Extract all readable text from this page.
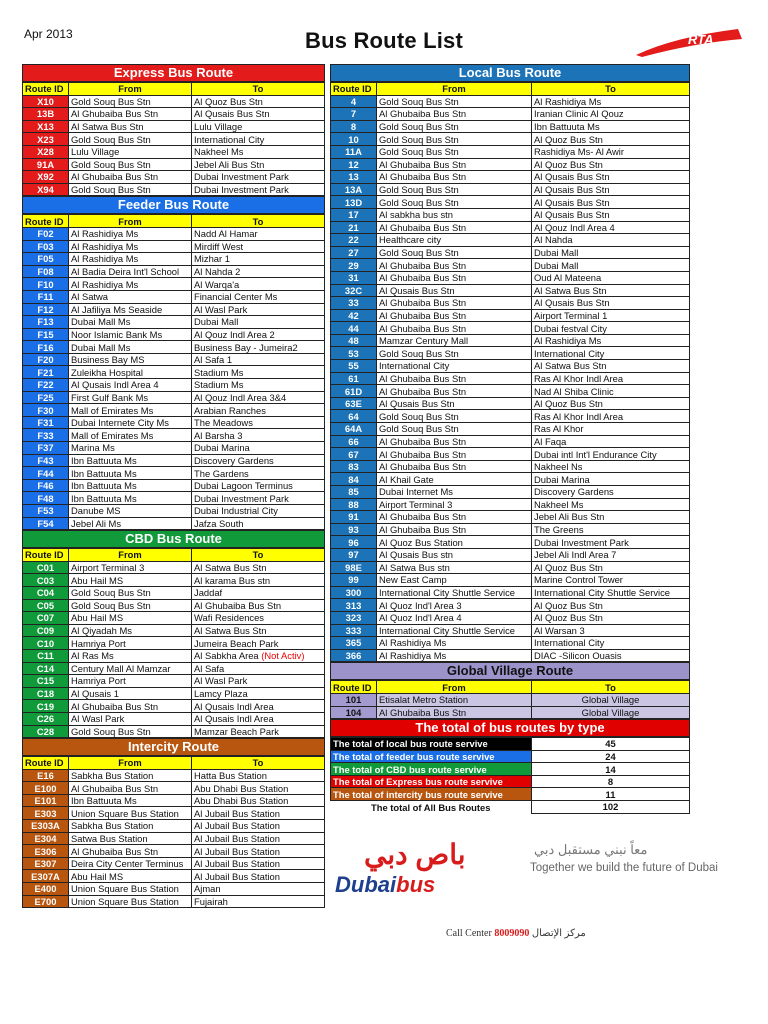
Apr 2013	Bus Route List	RTA
Express Bus Route
Route ID	From	To
X10	Gold Souq Bus Stn	Al Quoz Bus Stn
13B	Al Ghubaiba Bus Stn	Al Qusais Bus Stn
X13	Al Satwa Bus Stn	Lulu Village
X23	Gold Souq Bus Stn	International City
X28	Lulu Village	Nakheel Ms
91A	Gold Souq Bus Stn	Jebel Ali Bus Stn
X92	Al Ghubaiba Bus Stn	Dubai Investment Park
X94	Gold Souq Bus Stn	Dubai Investment Park
Feeder Bus Route
Route ID	From	To
F02	Al Rashidiya Ms	Nadd Al Hamar
F03	Al Rashidiya Ms	Mirdiff West
F05	Al Rashidiya Ms	Mizhar 1
F08	Al Badia Deira Int'l School	Al Nahda 2
F10	Al Rashidiya Ms	Al Warqa'a
F11	Al Satwa	Financial Center Ms
F12	Al Jafiliya Ms Seaside	Al Wasl Park
F13	Dubai Mall Ms	Dubai Mall
F15	Noor Islamic Bank Ms	Al Qouz Indl Area 2
F16	Dubai Mall Ms	Business Bay - Jumeira2
F20	Business Bay MS	Al Safa 1
F21	Zuleikha Hospital	Stadium Ms
F22	Al Qusais Indl Area 4	Stadium Ms
F25	First Gulf Bank Ms	Al Qouz Indl Area 3&4
F30	Mall of Emirates Ms	Arabian Ranches
F31	Dubai Internete City Ms	The Meadows
F33	Mall of Emirates Ms	Al Barsha 3
F37	Marina Ms	Dubai Marina
F43	Ibn Battuuta Ms	Discovery Gardens
F44	Ibn Battuuta Ms	The Gardens
F46	Ibn Battuuta Ms	Dubai Lagoon Terminus
F48	Ibn Battuuta Ms	Dubai Investment Park
F53	Danube MS	Dubai Industrial City
F54	Jebel Ali Ms	Jafza South
CBD Bus Route
Route ID	From	To
C01	Airport Terminal 3	Al Satwa Bus Stn
C03	Abu Hail MS	Al karama Bus stn
C04	Gold Souq Bus Stn	Jaddaf
C05	Gold Souq Bus Stn	Al Ghubaiba Bus Stn
C07	Abu Hail MS	Wafi Residences
C09	Al Qiyadah Ms	Al Satwa Bus Stn
C10	Hamriya Port	Jumeira Beach Park
C11	Al Ras Ms	Al Sabkha Area (Not Activ)
C14	Century Mall Al Mamzar	Al Safa
C15	Hamriya Port	Al Wasl Park
C18	Al Qusais 1	Lamcy Plaza
C19	Al Ghubaiba Bus Stn	Al Qusais Indl Area
C26	Al Wasl Park	Al Qusais Indl Area
C28	Gold Souq Bus Stn	Mamzar Beach Park
Intercity Route
Route ID	From	To
E16	Sabkha Bus Station	Hatta Bus Station
E100	Al Ghubaiba Bus Stn	Abu Dhabi Bus Station
E101	Ibn Battuuta Ms	Abu Dhabi Bus Station
E303	Union Square Bus Station	Al Jubail Bus Station
E303A	Sabkha Bus Station	Al Jubail Bus Station
E304	Satwa Bus Station	Al Jubail Bus Station
E306	Al Ghubaiba Bus Stn	Al Jubail Bus Station
E307	Deira City Center Terminus	Al Jubail Bus Station
E307A	Abu Hail MS	Al Jubail Bus Station
E400	Union Square Bus Station	Ajman
E700	Union Square Bus Station	Fujairah
Local Bus Route
Route ID	From	To
4	Gold Souq Bus Stn	Al Rashidiya Ms
7	Al Ghubaiba Bus Stn	Iranian Clinic Al Qouz
8	Gold Souq Bus Stn	Ibn Battuuta Ms
10	Gold Souq Bus Stn	Al Quoz Bus Stn
11A	Gold Souq Bus Stn	Rashidiya Ms- Al Awir
12	Al Ghubaiba Bus Stn	Al Quoz Bus Stn
13	Al Ghubaiba Bus Stn	Al Qusais Bus Stn
13A	Gold Souq Bus Stn	Al Qusais Bus Stn
13D	Gold Souq Bus Stn	Al Qusais Bus Stn
17	Al sabkha bus stn	Al Qusais Bus Stn
21	Al Ghubaiba Bus Stn	Al Qouz Indl Area 4
22	Healthcare city	Al Nahda
27	Gold Souq Bus Stn	Dubai Mall
29	Al Ghubaiba Bus Stn	Dubai Mall
31	Al Ghubaiba Bus Stn	Oud Al Mateena
32C	Al Qusais Bus Stn	Al Satwa Bus Stn
33	Al Ghubaiba Bus Stn	Al Qusais Bus Stn
42	Al Ghubaiba Bus Stn	Airport Terminal 1
44	Al Ghubaiba Bus Stn	Dubai festval City
48	Mamzar Century Mall	Al Rashidiya Ms
53	Gold Souq Bus Stn	International City
55	International City	Al Satwa Bus Stn
61	Al Ghubaiba Bus Stn	Ras Al Khor Indl Area
61D	Al Ghubaiba Bus Stn	Nad Al Shiba Clinic
63E	Al Qusais Bus Stn	Al Quoz Bus Stn
64	Gold Souq Bus Stn	Ras Al Khor Indl Area
64A	Gold Souq Bus Stn	Ras Al Khor
66	Al Ghubaiba Bus Stn	Al Faqa
67	Al Ghubaiba Bus Stn	Dubai intl Int'l Endurance City
83	Al Ghubaiba Bus Stn	Nakheel Ns
84	Al Khail Gate	Dubai Marina
85	Dubai Internet Ms	Discovery Gardens
88	Airport Terminal 3	Nakheel Ms
91	Al Ghubaiba Bus Stn	Jebel Ali Bus Stn
93	Al Ghubaiba Bus Stn	The Greens
96	Al Quoz Bus Station	Dubai Investment Park
97	Al Qusais Bus stn	Jebel Ali Indl Area 7
98E	Al Satwa Bus stn	Al Quoz Bus Stn
99	New East Camp	Marine Control Tower
300	International City Shuttle Service	International City Shuttle Service
313	Al Quoz Ind'l Area 3	Al Quoz Bus Stn
323	Al Quoz Ind'l Area 4	Al Quoz Bus Stn
333	International City Shuttle Service	Al Warsan 3
365	Al Rashidiya Ms	International City
366	Al Rashidiya Ms	DIAC -Silicon Ouasis
Global Village Route
Route ID	From	To
101	Etisalat Metro Station	Global Village
104	Al Ghubaiba Bus Stn	Global Village
The total of bus routes by type
The total of local bus route servive	45
The total of feeder bus route servive	24
The total of CBD bus route servive	14
The total of Express bus route servive	8
The total of intercity bus route servive	11
The total of All Bus Routes	102
باص دبي
Dubaibus
معاً نبني مستقبل دبي
Together we build the future of Dubai
Call Center 8009090 مركز الإتصال
